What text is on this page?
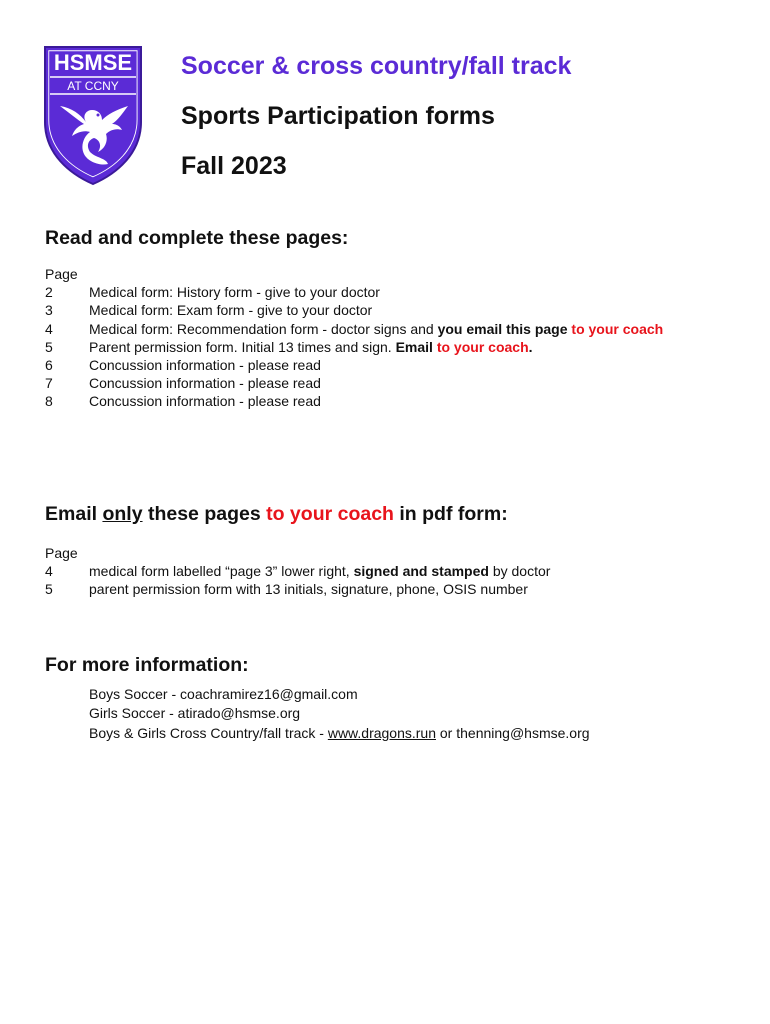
HSMSE
AT CCNY
Soccer & cross country/fall track
Sports Participation forms
Fall 2023
Read and complete these pages:
Page
2	Medical form: History form - give to your doctor
3	Medical form: Exam form - give to your doctor
4	Medical form: Recommendation form - doctor signs and you email this page to your coach
5	Parent permission form. Initial 13 times and sign. Email to your coach.
6	Concussion information - please read
7	Concussion information - please read
8	Concussion information - please read
Email only these pages to your coach in pdf form:
Page
4	medical form labelled “page 3” lower right, signed and stamped by doctor
5	parent permission form with 13 initials, signature, phone, OSIS number
For more information:
Boys Soccer - coachramirez16@gmail.com
Girls Soccer - atirado@hsmse.org
Boys & Girls Cross Country/fall track - www.dragons.run or thenning@hsmse.org
